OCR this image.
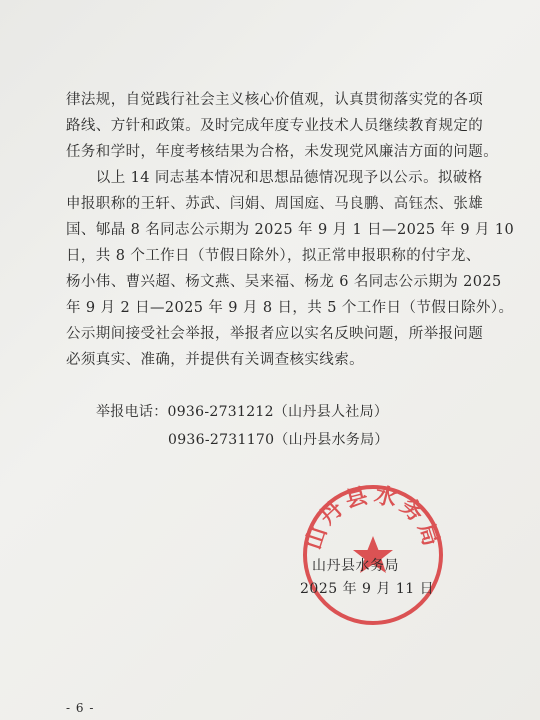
律法规，自觉践行社会主义核心价值观，认真贯彻落实党的各项
路线、方针和政策。及时完成年度专业技术人员继续教育规定的
任务和学时，年度考核结果为合格，未发现党风廉洁方面的问题。
　　以上 14 同志基本情况和思想品德情况现予以公示。拟破格
申报职称的王轩、苏武、闫娟、周国庭、马良鹏、高钰杰、张雄
国、郇晶 8 名同志公示期为 2025 年 9 月 1 日—2025 年 9 月 10
日，共 8 个工作日（节假日除外），拟正常申报职称的付宇龙、
杨小伟、曹兴超、杨文燕、吴来福、杨龙 6 名同志公示期为 2025
年 9 月 2 日—2025 年 9 月 8 日，共 5 个工作日（节假日除外）。
公示期间接受社会举报，举报者应以实名反映问题，所举报问题
必须真实、准确，并提供有关调查核实线索。
举报电话：0936-2731212（山丹县人社局）
0936-2731170（山丹县水务局）
山丹县水务局
山丹县水务局
2025 年 9 月 11 日
- 6 -
